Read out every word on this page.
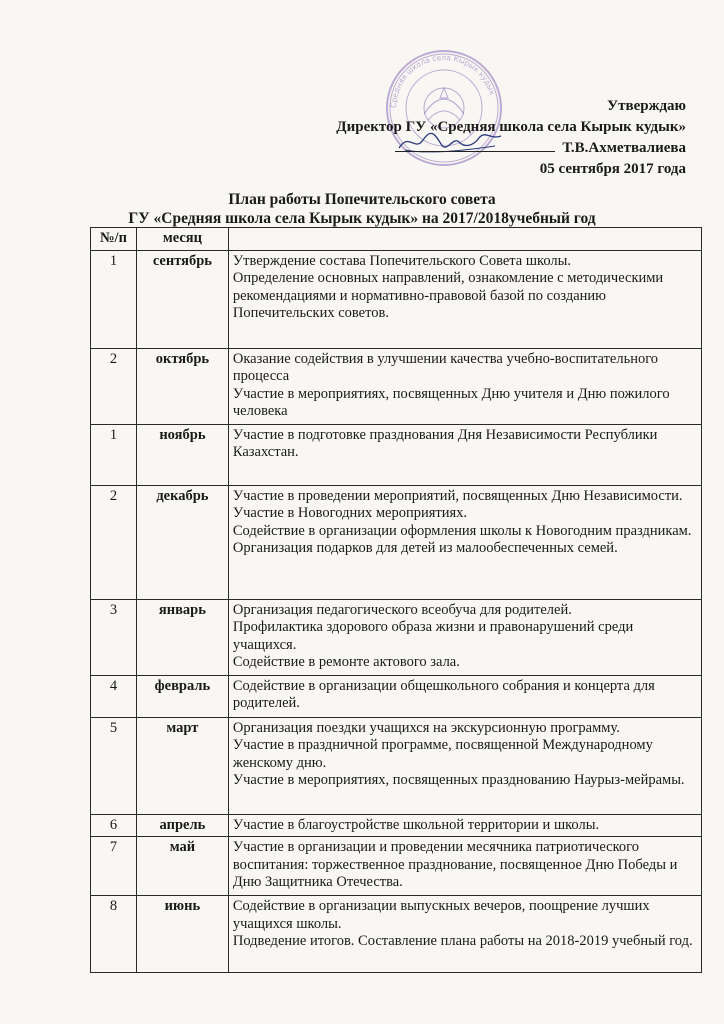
Средняя школа села Кырык кудык
Утверждаю
Директор ГУ «Средняя школа села Кырык кудык»
Т.В.Ахметвалиева
05 сентября 2017 года
План работы Попечительского совета
ГУ «Средняя школа села Кырык кудык» на 2017/2018учебный год
№/п	месяц	
1	сентябрь	Утверждение состава Попечительского Совета школы.
Определение основных направлений, ознакомление с методическими рекомендациями и нормативно-правовой базой по созданию Попечительских советов.

2	октябрь	Оказание содействия в улучшении качества учебно-воспитательного процесса
Участие в мероприятиях, посвященных Дню учителя и Дню пожилого человека

1	ноябрь	Участие в подготовке празднования Дня Независимости Республики Казахстан.

2	декабрь	Участие в проведении мероприятий, посвященных Дню Независимости.
Участие в Новогодних мероприятиях.
Содействие в организации оформления школы к Новогодним праздникам.
Организация подарков для детей из малообеспеченных семей.

3	январь	Организация педагогического всеобуча для родителей.
Профилактика здорового образа жизни и правонарушений среди учащихся.
Содействие в ремонте актового зала.

4	февраль	Содействие в организации общешкольного собрания и концерта для родителей.

5	март	Организация поездки учащихся на экскурсионную программу.
Участие в праздничной программе, посвященной Международному женскому дню.
Участие в мероприятиях, посвященных празднованию Наурыз-мейрамы.

6	апрель	Участие в благоустройстве школьной территории и школы.

7	май	Участие в организации и проведении месячника патриотического воспитания: торжественное празднование, посвященное Дню Победы и Дню Защитника Отечества.

8	июнь	Содействие в организации выпускных вечеров, поощрение лучших учащихся школы.
Подведение итогов. Составление плана работы на 2018-2019 учебный год.
